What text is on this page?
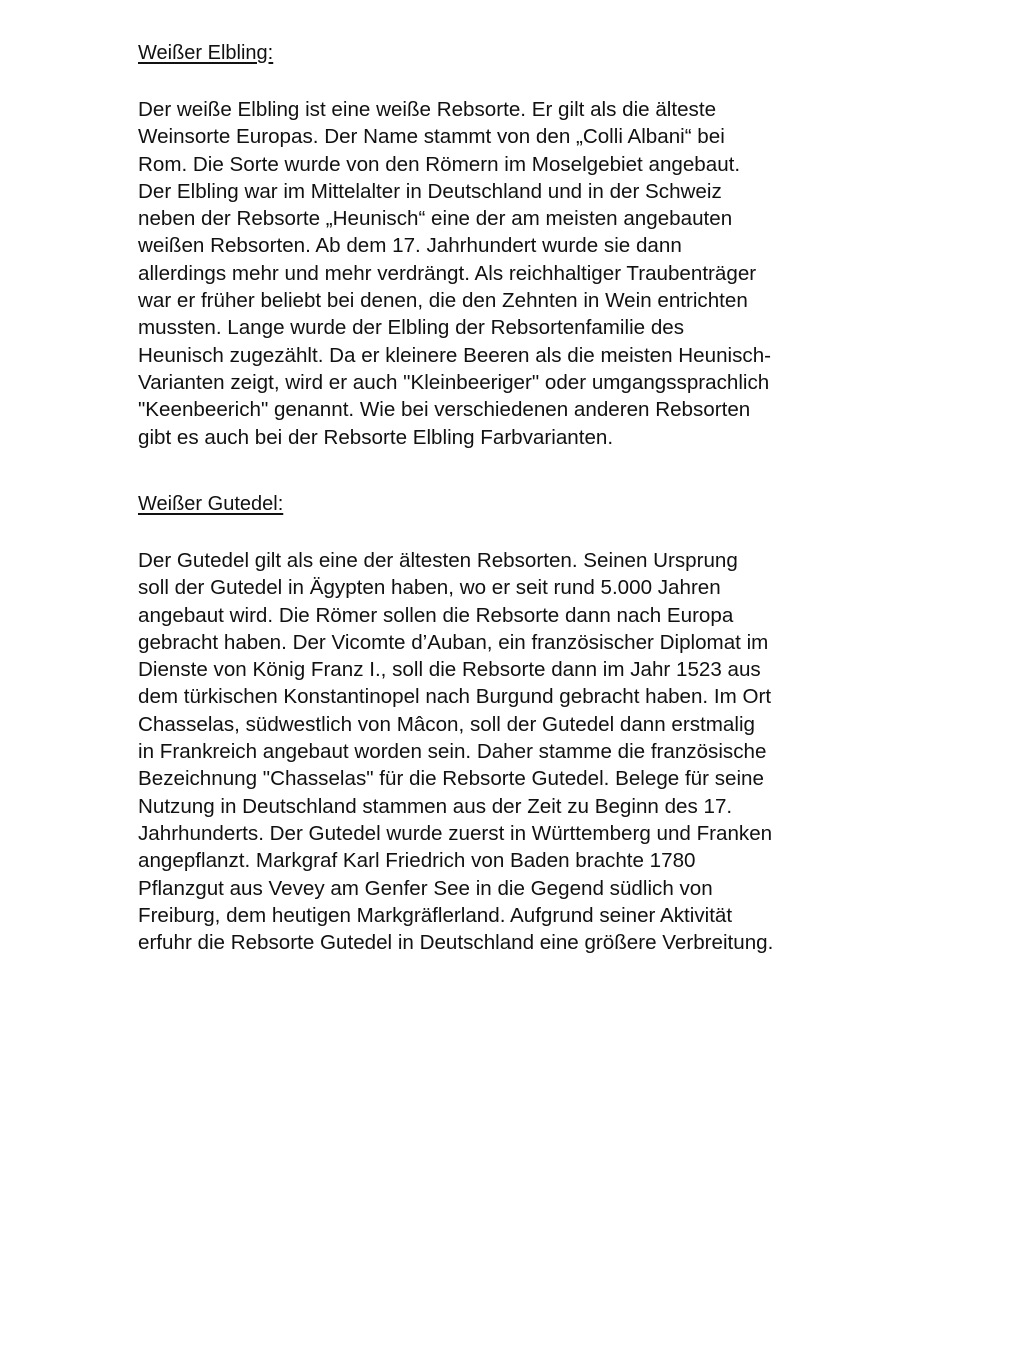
Weißer Elbling:

Der weiße Elbling ist eine weiße Rebsorte. Er gilt als die älteste

Weinsorte Europas. Der Name stammt von den „Colli Albani“ bei

Rom. Die Sorte wurde von den Römern im Moselgebiet angebaut.

Der Elbling war im Mittelalter in Deutschland und in der Schweiz

neben der Rebsorte „Heunisch“ eine der am meisten angebauten

weißen Rebsorten. Ab dem 17. Jahrhundert wurde sie dann

allerdings mehr und mehr verdrängt. Als reichhaltiger Traubenträger

war er früher beliebt bei denen, die den Zehnten in Wein entrichten

mussten. Lange wurde der Elbling der Rebsortenfamilie des

Heunisch zugezählt. Da er kleinere Beeren als die meisten Heunisch-

Varianten zeigt, wird er auch "Kleinbeeriger" oder umgangssprachlich

"Keenbeerich" genannt. Wie bei verschiedenen anderen Rebsorten

gibt es auch bei der Rebsorte Elbling Farbvarianten.

Weißer Gutedel:

Der Gutedel gilt als eine der ältesten Rebsorten. Seinen Ursprung

soll der Gutedel in Ägypten haben, wo er seit rund 5.000 Jahren

angebaut wird. Die Römer sollen die Rebsorte dann nach Europa

gebracht haben. Der Vicomte d’Auban, ein französischer Diplomat im

Dienste von König Franz I., soll die Rebsorte dann im Jahr 1523 aus

dem türkischen Konstantinopel nach Burgund gebracht haben. Im Ort

Chasselas, südwestlich von Mâcon, soll der Gutedel dann erstmalig

in Frankreich angebaut worden sein. Daher stamme die französische

Bezeichnung "Chasselas" für die Rebsorte Gutedel. Belege für seine

Nutzung in Deutschland stammen aus der Zeit zu Beginn des 17.

Jahrhunderts. Der Gutedel wurde zuerst in Württemberg und Franken

angepflanzt. Markgraf Karl Friedrich von Baden brachte 1780

Pflanzgut aus Vevey am Genfer See in die Gegend südlich von

Freiburg, dem heutigen Markgräflerland. Aufgrund seiner Aktivität

erfuhr die Rebsorte Gutedel in Deutschland eine größere Verbreitung.
